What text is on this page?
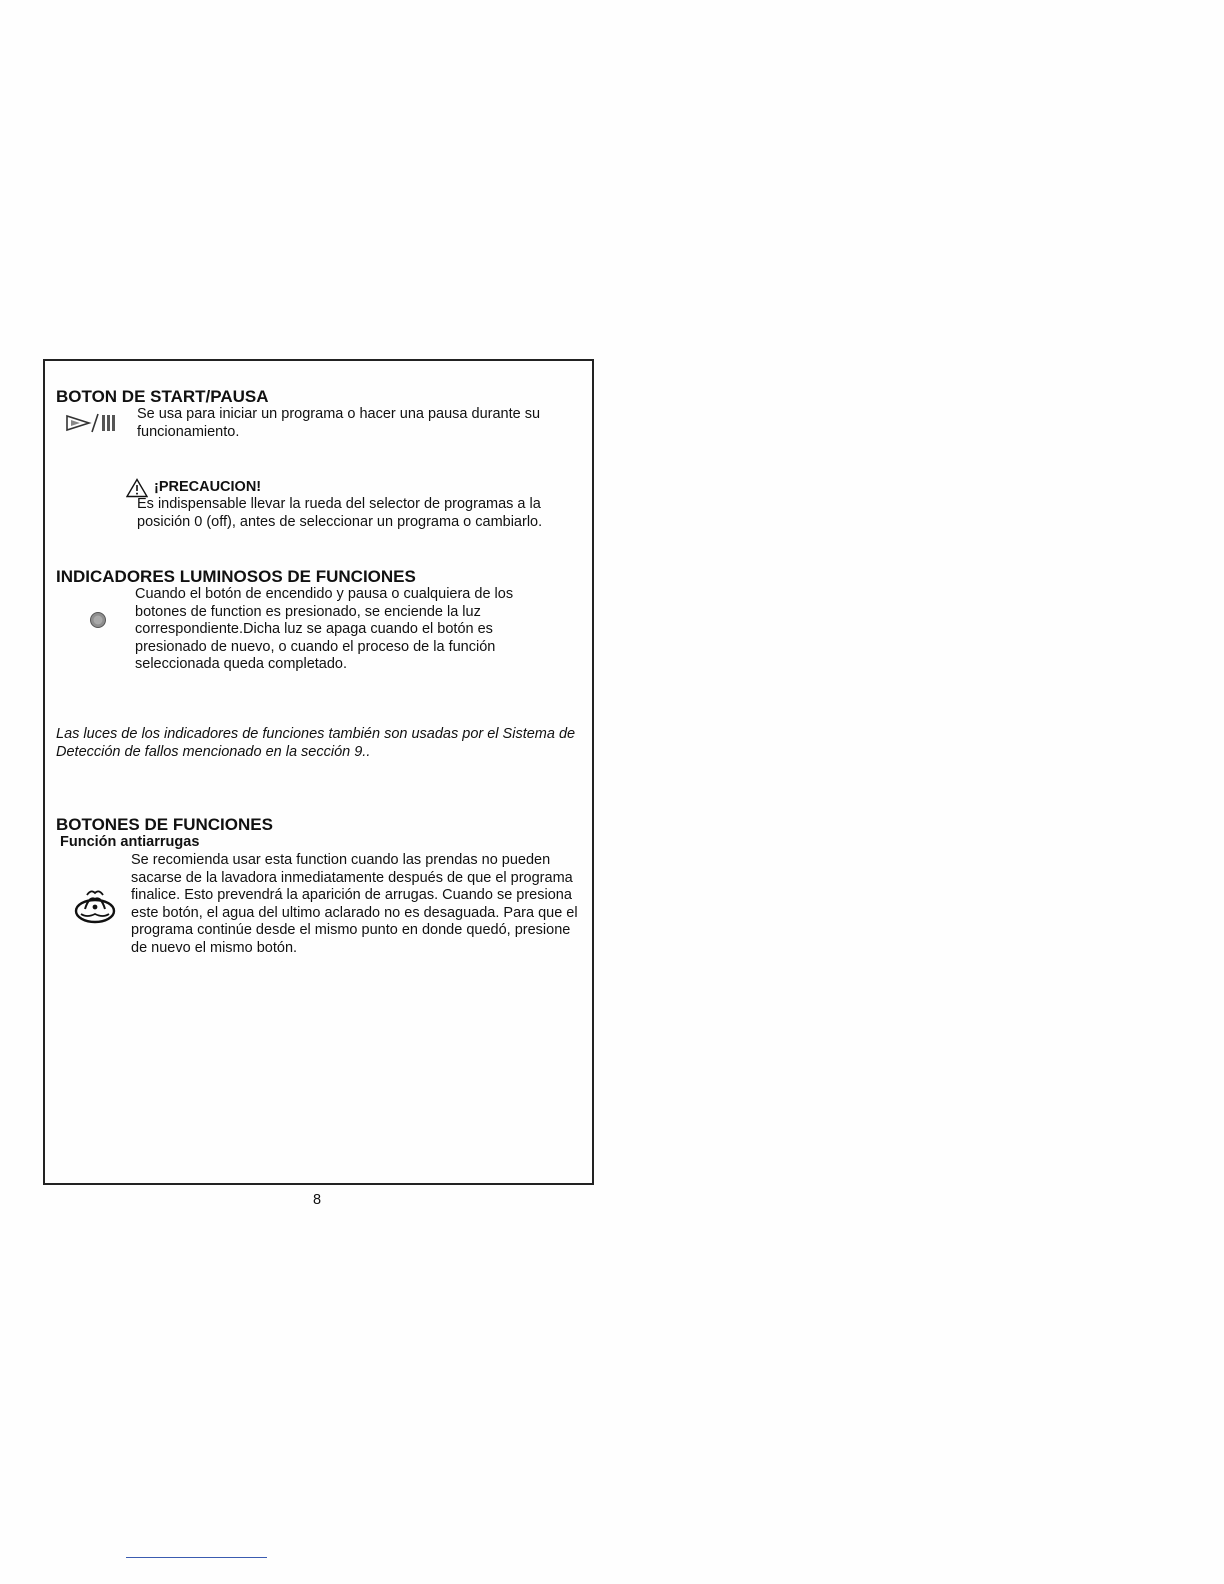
BOTON DE START/PAUSA
Se usa para iniciar un programa o hacer una pausa durante su funcionamiento.
¡PRECAUCION!
Es indispensable llevar la rueda del selector de programas a la posición 0 (off), antes de seleccionar un programa o cambiarlo.
INDICADORES LUMINOSOS DE FUNCIONES
Cuando el botón de encendido y pausa o cualquiera de los botones de function es presionado, se enciende la luz correspondiente.Dicha luz se apaga cuando el botón es presionado de nuevo, o cuando el proceso de la función seleccionada queda completado.
Las luces de los indicadores de funciones también son usadas por el Sistema de Detección de fallos mencionado en la sección 9..
BOTONES DE FUNCIONES
Función antiarrugas
Se recomienda usar esta function cuando las prendas no pueden sacarse de la lavadora inmediatamente después de que el programa finalice. Esto prevendrá la aparición de arrugas. Cuando se presiona este botón, el agua del ultimo aclarado no es desaguada. Para que el programa continúe desde el mismo punto en donde quedó, presione de nuevo el mismo botón.
8
